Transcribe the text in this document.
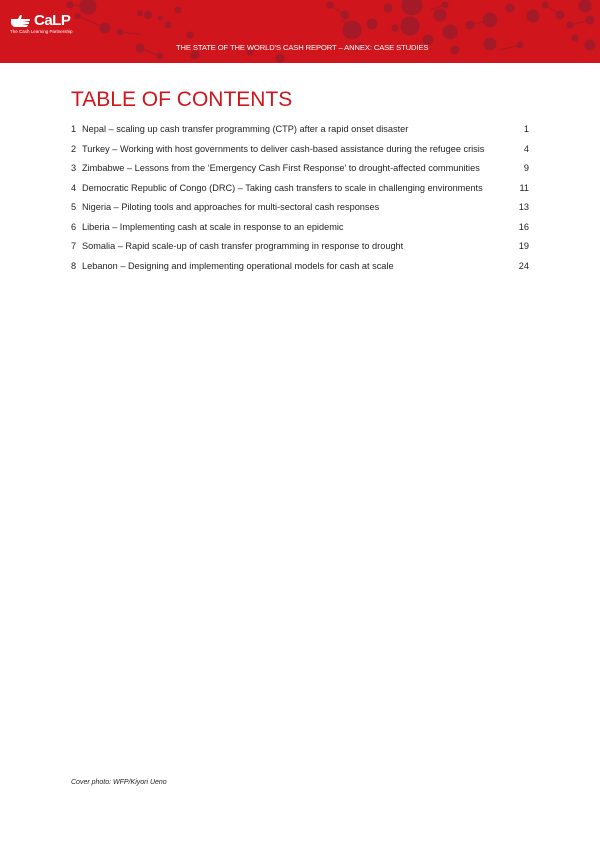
CaLP
The Cash Learning Partnership
THE STATE OF THE WORLD'S CASH REPORT – ANNEX: CASE STUDIES
TABLE OF CONTENTS
1 Nepal – scaling up cash transfer programming (CTP) after a rapid onset disaster	1
2 Turkey – Working with host governments to deliver cash-based assistance during the refugee crisis	4
3 Zimbabwe – Lessons from the ‘Emergency Cash First Response’ to drought-affected communities	9
4 Democratic Republic of Congo (DRC) – Taking cash transfers to scale in challenging environments	11
5 Nigeria – Piloting tools and approaches for multi-sectoral cash responses	13
6 Liberia – Implementing cash at scale in response to an epidemic	16
7 Somalia – Rapid scale-up of cash transfer programming in response to drought	19
8 Lebanon – Designing and implementing operational models for cash at scale	24
Cover photo: WFP/Kiyori Ueno
